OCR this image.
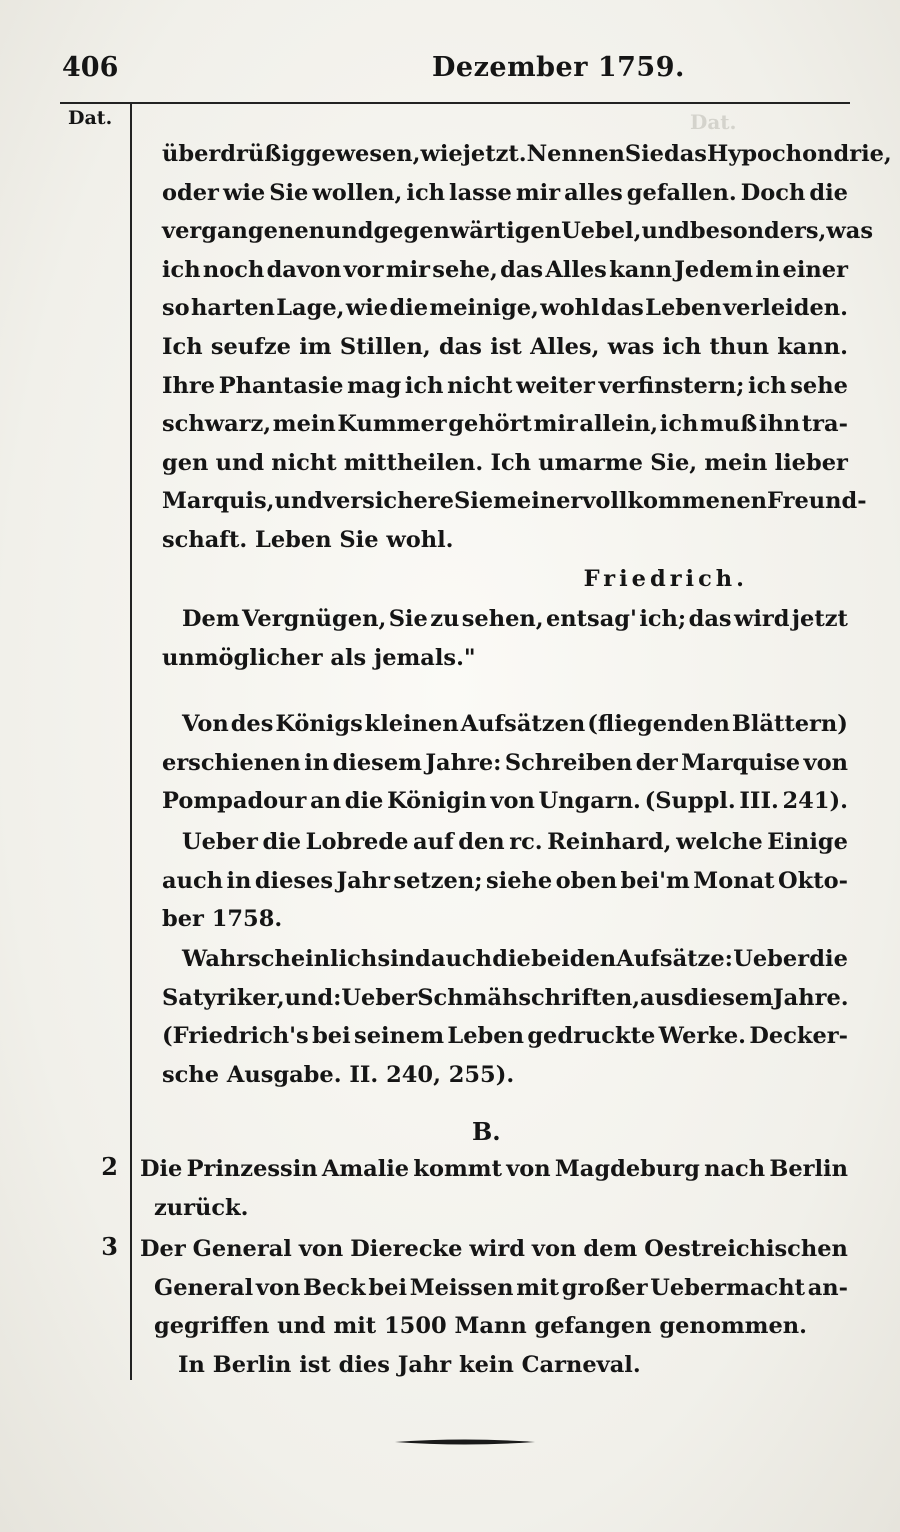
Dat.
406	Dezember 1759.
Dat.
überdrüßig gewesen, wie jetzt. Nennen Sie das Hypochondrie,
oder wie Sie wollen, ich lasse mir alles gefallen. Doch die
vergangenen und gegenwärtigen Uebel, und besonders, was
ich noch davon vor mir sehe, das Alles kann Jedem in einer
so harten Lage, wie die meinige, wohl das Leben verleiden.
Ich seufze im Stillen, das ist Alles, was ich thun kann.
Ihre Phantasie mag ich nicht weiter verfinstern; ich sehe
schwarz, mein Kummer gehört mir allein, ich muß ihn tra-
gen und nicht mittheilen. Ich umarme Sie, mein lieber
Marquis, und versichere Sie meiner vollkommenen Freund-
schaft. Leben Sie wohl.
Friedrich.
Dem Vergnügen, Sie zu sehen, entsag' ich; das wird jetzt
unmöglicher als jemals."
Von des Königs kleinen Aufsätzen (fliegenden Blättern)
erschienen in diesem Jahre: Schreiben der Marquise von
Pompadour an die Königin von Ungarn. (Suppl. III. 241).
Ueber die Lobrede auf den rc. Reinhard, welche Einige
auch in dieses Jahr setzen; siehe oben bei'm Monat Okto-
ber 1758.
Wahrscheinlich sind auch die beiden Aufsätze: Ueber die
Satyriker, und: Ueber Schmähschriften, aus diesem Jahre.
(Friedrich's bei seinem Leben gedruckte Werke. Decker-
sche Ausgabe. II. 240, 255).
B.
2 Die Prinzessin Amalie kommt von Magdeburg nach Berlin
zurück.
3 Der General von Dierecke wird von dem Oestreichischen
General von Beck bei Meissen mit großer Uebermacht an-
gegriffen und mit 1500 Mann gefangen genommen.
In Berlin ist dies Jahr kein Carneval.
